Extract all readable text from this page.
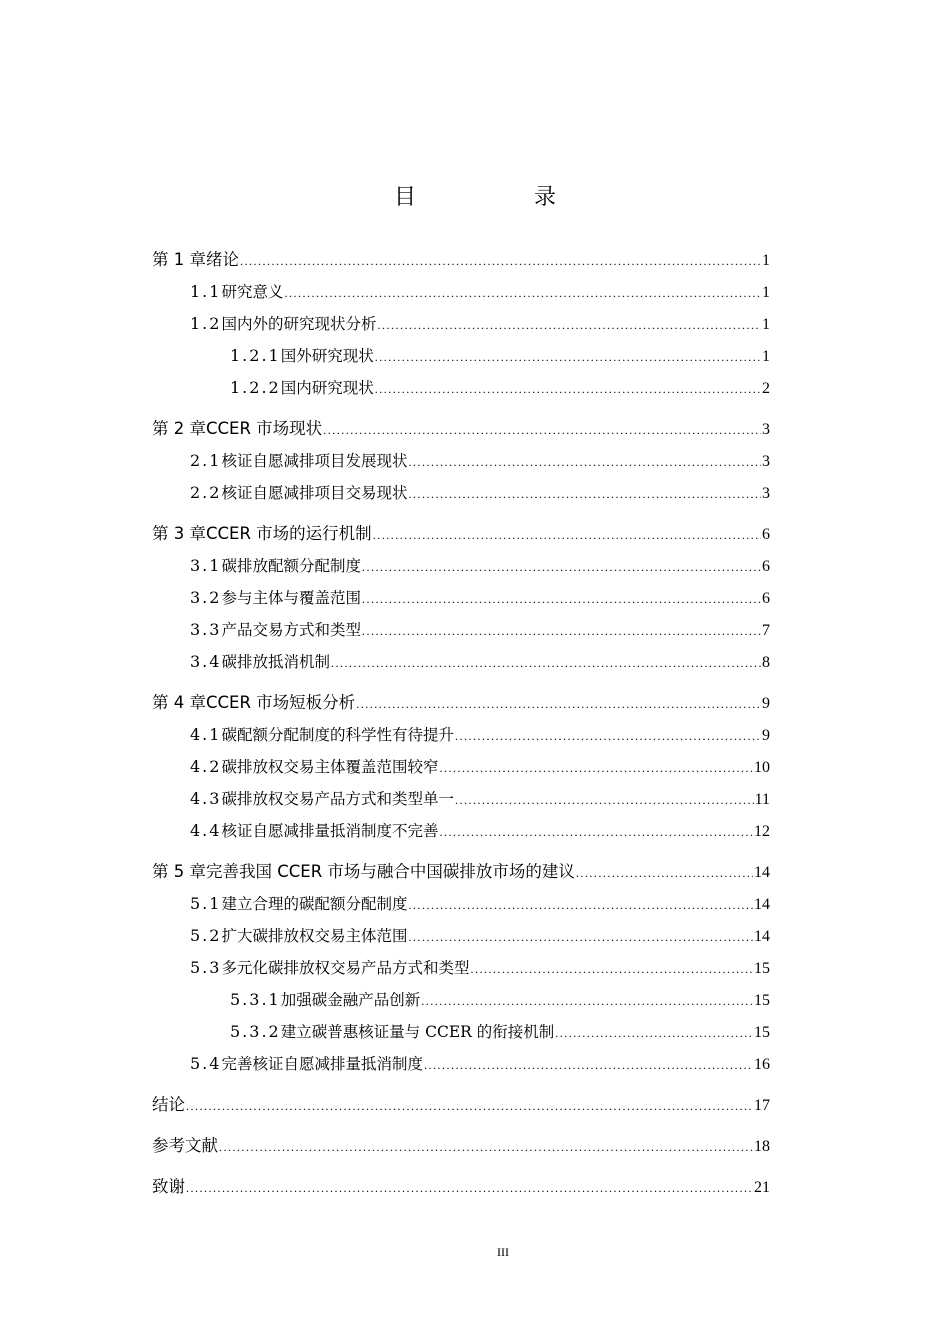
目　录
第 1 章 绪论 .....	1
1.1 研究意义 .....	1
1.2 国内外的研究现状分析 .....	1
1.2.1 国外研究现状 .....	1
1.2.2 国内研究现状 .....	2
第 2 章 CCER 市场现状 .....	3
2.1 核证自愿减排项目发展现状 .....	3
2.2 核证自愿减排项目交易现状 .....	3
第 3 章 CCER 市场的运行机制 .....	6
3.1 碳排放配额分配制度 .....	6
3.2 参与主体与覆盖范围 .....	6
3.3 产品交易方式和类型 .....	7
3.4 碳排放抵消机制 .....	8
第 4 章 CCER 市场短板分析 .....	9
4.1 碳配额分配制度的科学性有待提升 .....	9
4.2 碳排放权交易主体覆盖范围较窄 .....	10
4.3 碳排放权交易产品方式和类型单一 .....	11
4.4 核证自愿减排量抵消制度不完善 .....	12
第 5 章 完善我国 CCER 市场与融合中国碳排放市场的建议 .....	14
5.1 建立合理的碳配额分配制度 .....	14
5.2 扩大碳排放权交易主体范围 .....	14
5.3 多元化碳排放权交易产品方式和类型 .....	15
5.3.1 加强碳金融产品创新 .....	15
5.3.2 建立碳普惠核证量与 CCER 的衔接机制 .....	15
5.4 完善核证自愿减排量抵消制度 .....	16
结论 .....	17
参考文献 .....	18
致谢 .....	21
III
